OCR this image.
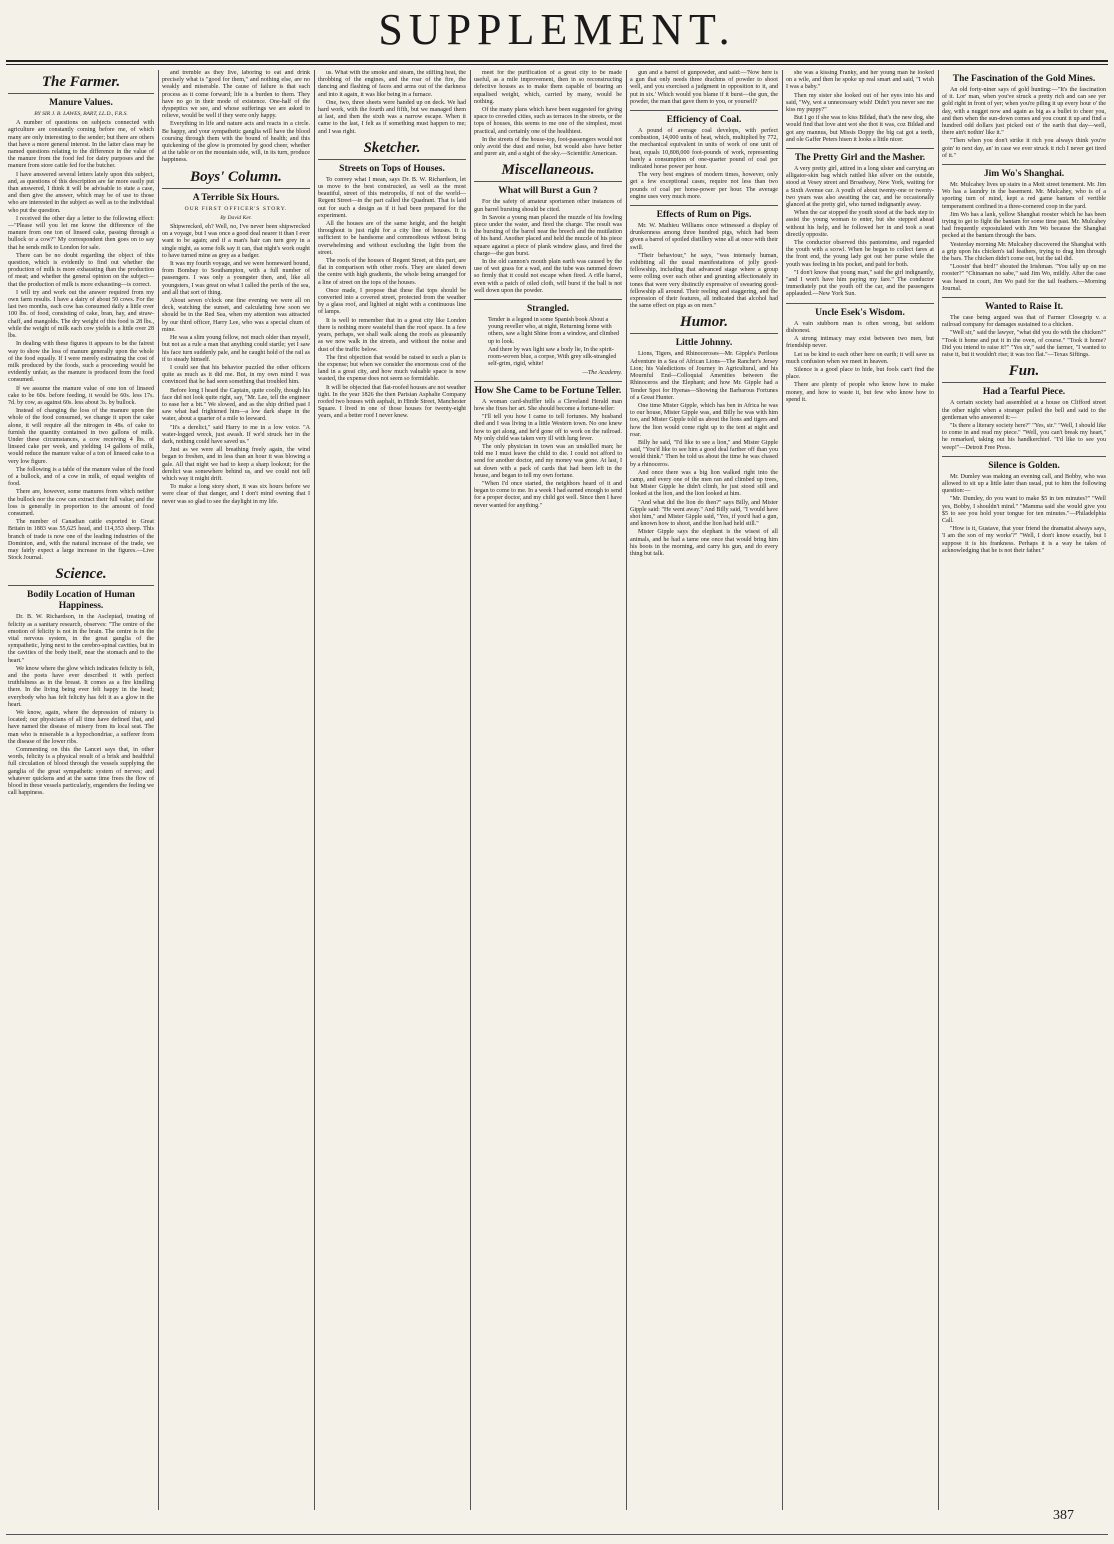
SUPPLEMENT.
The Farmer.
Manure Values.
BY SIR J. B. LAWES, BART, LL.D., F.R.S.

A number of questions on subjects connected with agriculture are constantly coming before me, of which many are only interesting to the sender; but there are others that have a more general interest. In the latter class may be named questions relating to the difference in the value of the manure from the food fed for dairy purposes and the manure from store cattle fed for the butcher.

I have answered several letters lately upon this subject, and, as questions of this description are far more easily put than answered, I think it will be advisable to state a case, and then give the answer, which may be of use to those who are interested in the subject as well as to the individual who put the question.

I received the other day a letter to the following effect:—"Please will you let me know the difference of the manure from one ton of linseed cake, passing through a bullock or a cow?" My correspondent then goes on to say that he sends milk to London for sale.

There can be no doubt regarding the object of this question, which is evidently to find out whether the production of milk is more exhausting than the production of meat; and whether the general opinion on the subject—that the production of milk is more exhausting—is correct.

I will try and work out the answer required from my own farm results. I have a dairy of about 50 cows. For the last two months, each cow has consumed daily a little over 100 lbs. of food, consisting of cake, bran, hay, and straw-chaff, and mangolds. The dry weight of this food is 28 lbs., while the weight of milk each cow yields is a little over 28 lbs.

In dealing with these figures it appears to be the fairest way to show the loss of manure generally upon the whole of the food equally. If I were merely estimating the cost of milk produced by the foods, such a proceeding would be evidently unfair, as the manure is produced from the food consumed.

If we assume the manure value of one ton of linseed cake to be 60s. before feeding, it would be 60s. less 17s. 7d. by cow, as against 60s. less about 3s. by bullock.

Instead of changing the loss of the manure upon the whole of the food consumed, we change it upon the cake alone, it will require all the nitrogen in 48s. of cake to furnish the quantity contained in two gallons of milk. Under these circumstances, a cow receiving 4 lbs. of linseed cake per week, and yielding 14 gallons of milk, would reduce the manure value of a ton of linseed cake to a very low figure.

The following is a table of the manure value of the food of a bullock, and of a cow in milk, of equal weights of food.

There are, however, some manures from which neither the bullock nor the cow can extract their full value; and the loss is generally in proportion to the amount of food consumed.

The number of Canadian cattle exported to Great Britain in 1883 was 55,625 head, and 114,353 sheep. This branch of trade is now one of the leading industries of the Dominion, and, with the natural increase of the trade, we may fairly expect a large increase in the figures.—Live Stock Journal.

Science.
Bodily Location of Human Happiness.

Dr. B. W. Richardson, in the Asclepiad, treating of felicity as a sanitary research, observes: "The centre of the emotion of felicity is not in the brain. The centre is in the vital nervous system, in the great ganglia of the sympathetic, lying next to the cerebro-spinal cavities, but in the cavities of the body itself, near the stomach and to the heart."

We know where the glow which indicates felicity is felt, and the poets have ever described it with perfect truthfulness as in the breast. It comes as a fire kindling there. In the living being ever felt happy in the head; everybody who has felt felicity has felt it as a glow in the heart.

We know, again, where the depression of misery is located; our physicians of all time have defined that, and have named the disease of misery from its local seat. The man who is miserable is a hypochondriac, a sufferer from the disease of the lower ribs.

Commenting on this the Lancet says that, in other words, felicity is a physical result of a brisk and healthful full circulation of blood through the vessels supplying the ganglia of the great sympathetic system of nerves; and whatever quickens and at the same time frees the flow of blood in these vessels particularly, engenders the feeling we call happiness.

and tremble as they live, laboring to eat and drink precisely what is "good for them," and nothing else, are no weakly and miserable. The cause of failure is that each process as it come forward; life is a burden to them. They have no go in their mode of existence. One-half of the dyspeptics we see, and whose sufferings we are asked to relieve, would be well if they were only happy.

Everything in life and nature acts and reacts in a circle. Be happy, and your sympathetic ganglia will have the blood coursing through them with the bound of health; and this quickening of the glow is promoted by good cheer, whether at the table or on the mountain side, will, in its turn, produce happiness.

Boys' Column.
A Terrible Six Hours.
OUR FIRST OFFICER'S STORY.
By David Ker.

Shipwrecked, eh? Well, no, I've never been shipwrecked on a voyage, but I was once a good deal nearer it than I ever want to be again; and if a man's hair can turn grey in a single night, as some folk say it can, that night's work ought to have turned mine as grey as a badger.

It was my fourth voyage, and we were homeward bound, from Bombay to Southampton, with a full number of passengers. I was only a youngster then, and, like all youngsters, I was great on what I called the perils of the sea, and all that sort of thing.

About seven o'clock one fine evening we were all on deck, watching the sunset, and calculating how soon we should be in the Red Sea, when my attention was attracted by our third officer, Harry Lee, who was a special chum of mine.

He was a slim young fellow, not much older than myself, but not as a rule a man that anything could startle; yet I saw his face turn suddenly pale, and he caught hold of the rail as if to steady himself.

I could see that his behavior puzzled the other officers quite as much as it did me. But, in my own mind I was convinced that he had seen something that troubled him.

Before long I heard the Captain, quite coolly, though his face did not look quite right, say, "Mr. Lee, tell the engineer to ease her a bit." We slowed, and as the ship drifted past I saw what had frightened him—a low dark shape in the water, about a quarter of a mile to leeward.

"It's a derelict," said Harry to me in a low voice. "A water-logged wreck, just awash. If we'd struck her in the dark, nothing could have saved us."

Just as we were all breathing freely again, the wind began to freshen, and in less than an hour it was blowing a gale. All that night we had to keep a sharp lookout; for the derelict was somewhere behind us, and we could not tell which way it might drift.

To make a long story short, it was six hours before we were clear of that danger, and I don't mind owning that I never was so glad to see the daylight in my life.

us. What with the smoke and steam, the stifling heat, the throbbing of the engines, and the roar of the fire, the dancing and flashing of faces and arms out of the darkness and into it again, it was like being in a furnace.

One, two, three sheets were handed up on deck. We had hard work, with the fourth and fifth, but we managed them at last, and then the sixth was a narrow escape. When it came to the last, I felt as if something must happen to me; and I was right.

Sketcher.
Streets on Tops of Houses.

To convey what I mean, says Dr. B. W. Richardson, let us move to the best constructed, as well as the most beautiful, street of this metropolis, if not of the world—Regent Street—in the part called the Quadrant. That is laid out for such a design as if it had been prepared for the experiment.

All the houses are of the same height, and the height throughout is just right for a city line of houses. It is sufficient to be handsome and commodious without being overwhelming and without excluding the light from the street.

The roofs of the houses of Regent Street, at this part, are flat in comparison with other roofs. They are slated down the centre with high gradients, the whole being arranged for a line of street on the tops of the houses.

Once made, I propose that these flat tops should be converted into a covered street, protected from the weather by a glass roof, and lighted at night with a continuous line of lamps.

It is well to remember that in a great city like London there is nothing more wasteful than the roof space. In a few years, perhaps, we shall walk along the roofs as pleasantly as we now walk in the streets, and without the noise and dust of the traffic below.

The first objection that would be raised to such a plan is the expense; but when we consider the enormous cost of the land in a great city, and how much valuable space is now wasted, the expense does not seem so formidable.

It will be objected that flat-roofed houses are not weather tight. In the year 1826 the then Parisian Asphalte Company roofed two houses with asphalt, in Hinde Street, Manchester Square. I lived in one of those houses for twenty-eight years, and a better roof I never knew.

meet for the purification of a great city to be made useful, as a mile improvement, then in so reconstructing defective houses as to make them capable of bearing an equalised weight, which, carried by many, would be nothing.

Of the many plans which have been suggested for giving space to crowded cities, such as terraces in the streets, or the tops of houses, this seems to me one of the simplest, most practical, and certainly one of the healthiest.

In the streets of the house-top, foot-passengers would not only avoid the dust and noise, but would also have better and purer air, and a sight of the sky.—Scientific American.

Miscellaneous.
What will Burst a Gun ?

For the safety of amateur sportsmen other instances of gun barrel bursting should be cited.

In Savoie a young man placed the muzzle of his fowling piece under the water, and fired the charge. The result was the bursting of the barrel near the breech and the mutilation of his hand. Another placed and held the muzzle of his piece square against a piece of plank window glass, and fired the charge—the gun burst.

In the old cannon's mouth plain earth was caused by the use of wet grass for a wad, and the tube was rammed down so firmly that it could not escape when fired. A rifle barrel, even with a patch of oiled cloth, will burst if the ball is not well down upon the powder.

Strangled.

Tender is a legend in some Spanish book About a young reveller who, at night, Returning home with others, saw a light Shine from a window, and climbed up to look.

And there by wax light saw a body lie, In the spirit-room-woven blue, a corpse, With grey silk-strangled self-grim, rigid, white!

—The Academy.
How She Came to be Fortune Teller.

A woman card-shuffler tells a Cleveland Herald man how she fixes her art. She should become a fortune-teller:

"I'll tell you how I came to tell fortunes. My husband died and I was living in a little Western town. No one knew how to get along, and he'd gone off to work on the railroad. My only child was taken very ill with lung fever.

The only physician in town was an unskilled man; he told me I must leave the child to die. I could not afford to send for another doctor, and my money was gone. At last, I sat down with a pack of cards that had been left in the house, and began to tell my own fortune.

"When I'd once started, the neighbors heard of it and began to come to me. In a week I had earned enough to send for a proper doctor, and my child got well. Since then I have never wanted for anything."

gun and a barrel of gunpowder, and said:—'Now here is a gun that only needs three drachms of powder to shoot well, and you exercised a judgment in opposition to it, and put in six.' Which would you blame if it burst—the gun, the powder, the man that gave them to you, or yourself?

Efficiency of Coal.

A pound of average coal develops, with perfect combustion, 14,000 units of heat, which, multiplied by 772, the mechanical equivalent in units of work of one unit of heat, equals 10,808,000 foot-pounds of work, representing barely a consumption of one-quarter pound of coal per indicated horse power per hour.

The very best engines of modern times, however, only get a few exceptional cases, require not less than two pounds of coal per horse-power per hour. The average engine uses very much more.

Effects of Rum on Pigs.

Mr. W. Mathieu Williams once witnessed a display of drunkenness among three hundred pigs, which had been given a barrel of spoiled distillery wine all at once with their swill.

"Their behaviour," he says, "was intensely human, exhibiting all the usual manifestations of jolly good-fellowship, including that advanced stage where a group were rolling over each other and grunting affectionately in tones that were very distinctly expressive of swearing good-fellowship all around. Their reeling and staggering, and the expression of their features, all indicated that alcohol had the same effect on pigs as on men."

Humor.
Little Johnny.

Lions, Tigers, and Rhinoceroses—Mr. Gipple's Perilous Adventure in a Sea of African Lions—The Rancher's Jersey Lion; his Valedictions of Journey in Agricultural, and his Mournful End—Colloquial Amenities between the Rhinoceros and the Elephant; and how Mr. Gipple had a Tender Spot for Hyenas—Showing the Barbarous Fortunes of a Great Hunter.

One time Mister Gipple, which has ben in Africa he was to our house, Mister Gipple was, and Billy he was with him too, and Mister Gipple told us about the lions and tigers and how the lion would come right up to the tent at night and roar.

Billy he said, "I'd like to see a lion," and Mister Gipple said, "You'd like to see him a good deal farther off than you would think." Then he told us about the time he was chased by a rhinoceros.

And once there was a big lion walked right into the camp, and every one of the men ran and climbed up trees, but Mister Gipple he didn't climb, he just stood still and looked at the lion, and the lion looked at him.

"And what did the lion do then?" says Billy, and Mister Gipple said: "He went away." And Billy said, "I would have shot him," and Mister Gipple said, "Yes, if you'd had a gun, and known how to shoot, and the lion had held still."

Mister Gipple says the elephant is the wisest of all animals, and he had a tame one once that would bring him his boots in the morning, and carry his gun, and do every thing but talk.

she was a kissing Franky, and her young man he looked on a wile, and then he spoke up real smart and said, "I wish I was a baby."

Then my sister she looked out of her eyes into his and said, "Wy, wot a unnecessary wish! Didn't you never see me kiss my puppy?"

But I go if she was to kiss Bildad, that's the new dog, she would find that love aint wot she thot it was, coz Bildad and got any mannus, but Missis Doppy the big cat got a teeth, and ole Gaffer Peters hisen it looks a little nicer.

The Pretty Girl and the Masher.

A very pretty girl, attired in a long ulster and carrying an alligator-skin bag which rattled like silver on the outside, stood at Vesey street and Broadway, New York, waiting for a Sixth Avenue car. A youth of about twenty-one or twenty-two years was also awaiting the car, and he occasionally glanced at the pretty girl, who turned indignantly away.

When the car stopped the youth stood at the back step to assist the young woman to enter, but she stepped ahead without his help, and he followed her in and took a seat directly opposite.

The conductor observed this pantomime, and regarded the youth with a scowl. When he began to collect fares at the front end, the young lady got out her purse while the youth was feeling in his pocket, and paid for both.

"I don't know that young man," said the girl indignantly, "and I won't have him paying my fare." The conductor immediately put the youth off the car, and the passengers applauded.—New York Sun.

Uncle Esek's Wisdom.

A vain stubborn man is often wrong, but seldom dishonest.

A strong intimacy may exist between two men, but friendship never.

Let us be kind to each other here on earth; it will save us much confusion when we meet in heaven.

Silence is a good place to hide, but fools can't find the place.

There are plenty of people who know how to make money, and how to waste it, but few who know how to spend it.

The Fascination of the Gold Mines.

An old forty-niner says of gold hunting:—"It's the fascination of it. Lor' man, when you've struck a pretty rich and can see yer gold right in front of yer; when you're piling it up every hour o' the day, with a nugget now and again as big as a bullet to cheer you, and then when the sun-down comes and you count it up and find a hundred odd dollars just picked out o' the earth that day—well, there ain't nothin' like it."

"Then when you don't strike it rich you always think you're goin' to next day, an' in case we ever struck it rich I never get tired of it."

Jim Wo's Shanghai.

Mr. Mulcahey lives up stairs in a Mott street tenement. Mr. Jim Wo has a laundry in the basement. Mr. Mulcahey, who is of a sporting turn of mind, kept a red game bantam of vertible temperament confined in a three-cornered coop in the yard.

Jim Wo has a lank, yellow Shanghai rooster which he has been trying to get to fight the bantam for some time past. Mr. Mulcahey had frequently expostulated with Jim Wo because the Shanghai pecked at the bantam through the bars.

Yesterday morning Mr. Mulcahey discovered the Shanghai with a grip upon his chicken's tail feathers, trying to drag him through the bars. The chicken didn't come out, but the tail did.

"Loosin' that bird!" shouted the Irishman. "You tally up on me rooster?" "Chinaman no sabe," said Jim Wo, mildly. After the case was heard in court, Jim Wo paid for the tail feathers.—Morning Journal.

Wanted to Raise It.

The case being argued was that of Farmer Closegrip v. a railroad company for damages sustained to a chicken.

"Well sir," said the lawyer, "what did you do with the chicken?" "Took it home and put it in the oven, of course." "Took it home? Did you intend to raise it?" "Yes sir," said the farmer, "I wanted to raise it, but it wouldn't rise; it was too flat."—Texas Siftings.

Fun.
Had a Tearful Piece.

A certain society had assembled at a house on Clifford street the other night when a stranger pulled the bell and said to the gentleman who answered it:—

"Is there a literary society here?" "Yes, sir." "Well, I should like to come in and read my piece." "Well, you can't break my heart," he remarked, taking out his handkerchief. "I'd like to see you weep!"—Detroit Free Press.

Silence is Golden.

Mr. Dumley was making an evening call, and Bobby, who was allowed to sit up a little later than usual, put to him the following question:—

"Mr. Dumley, do you want to make $5 in ten minutes?" "Well yes, Bobby, I shouldn't mind." "Mamma said she would give you $5 to see you hold your tongue for ten minutes."—Philadelphia Call.

"How is it, Gustave, that your friend the dramatist always says, 'I am the son of my works'?" "Well, I don't know exactly, but I suppose it is his frankness. Perhaps it is a way he takes of acknowledging that he is not their father."

387
